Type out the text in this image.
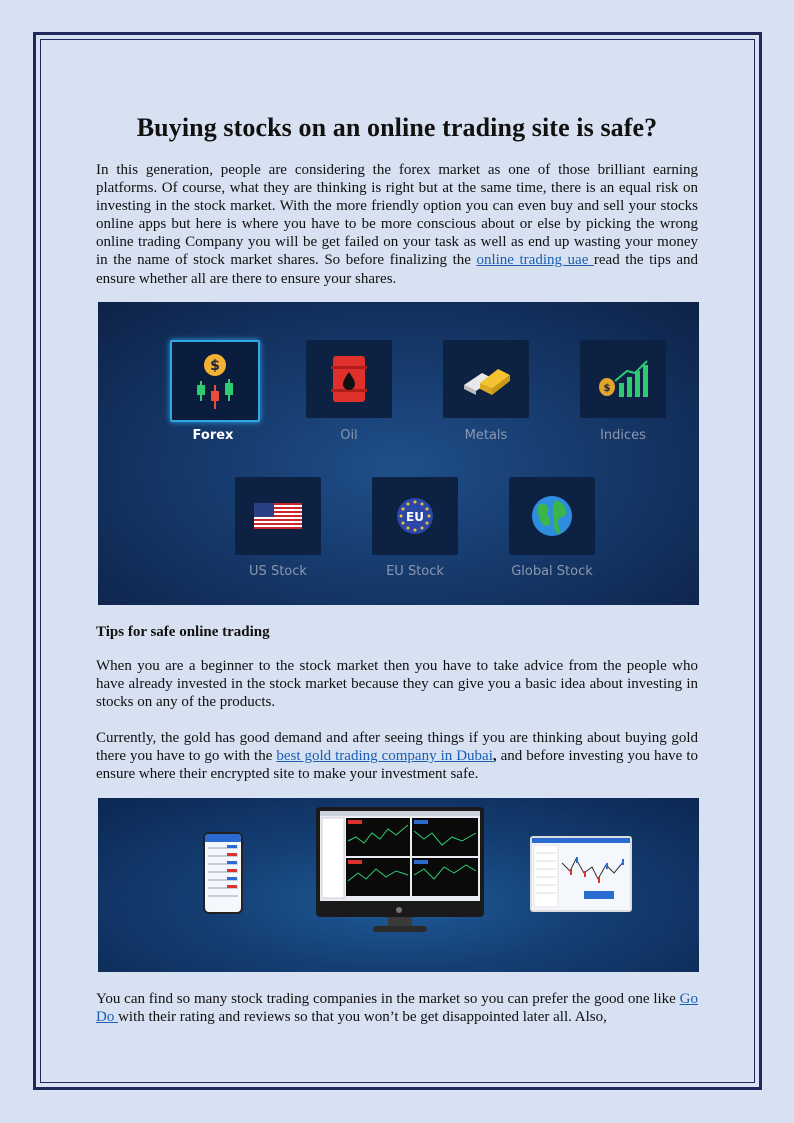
Buying stocks on an online trading site is safe?

In this generation, people are considering the forex market as one of those brilliant earning platforms. Of course, what they are thinking is right but at the same time, there is an equal risk on investing in the stock market. With the more friendly option you can even buy and sell your stocks online apps but here is where you have to be more conscious about or else by picking the wrong online trading Company you will be get failed on your task as well as end up wasting your money in the name of stock market shares. So before finalizing the online trading uae read the tips and ensure whether all are there to ensure your shares.

$
Forex	Oil	Metals
$
Indices
US Stock
EU
EU Stock	Global Stock
Tips for safe online trading

When you are a beginner to the stock market then you have to take advice from the people who have already invested in the stock market because they can give you a basic idea about investing in stocks on any of the products.

Currently, the gold has good demand and after seeing things if you are thinking about buying gold there you have to go with the best gold trading company in Dubai, and before investing you have to ensure where their encrypted site to make your investment safe.

You can find so many stock trading companies in the market so you can prefer the good one like Go Do with their rating and reviews so that you won’t be get disappointed later all. Also,
